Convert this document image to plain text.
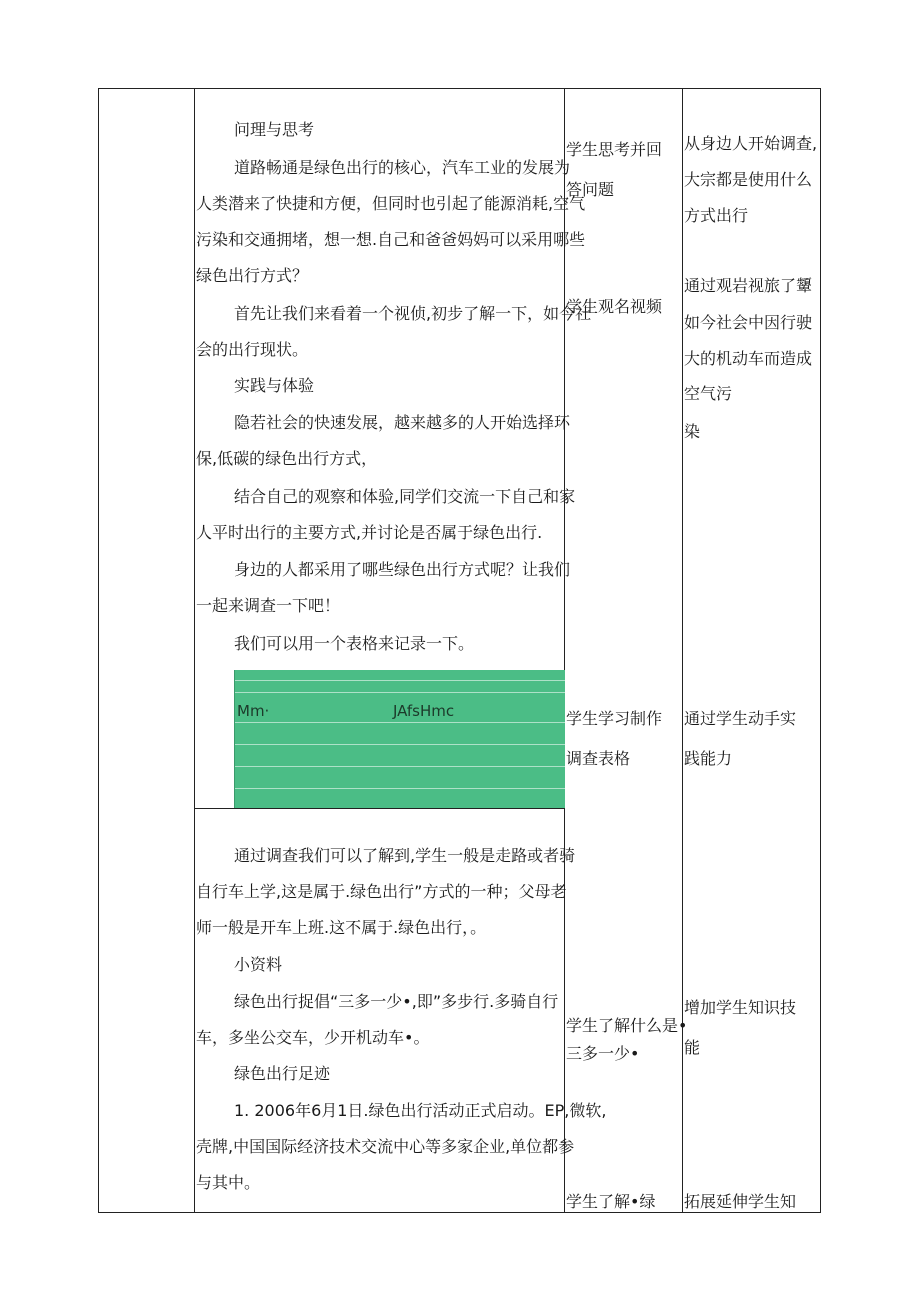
问理与思考
道路畅通是绿色出行的核心，汽车工业的发展为
人类潜来了快捷和方便，但同时也引起了能源消耗,空气
污染和交通拥堵，想一想.自己和爸爸妈妈可以采用哪些
绿色出行方式？
首先让我们来看着一个视侦,初步了解一下，如今社
会的出行现状。
实践与体验
隐若社会的快速发展，越来越多的人开始选择环
保,低碳的绿色出行方式，
结合自己的观察和体验,同学们交流一下自己和家
人平时出行的主要方式,并讨论是否属于绿色出行.
身边的人都采用了哪些绿色出行方式呢？让我们
一起来调查一下吧！
我们可以用一个表格来记录一下。
Mm·	JAfsHmc
通过调查我们可以了解到,学生一般是走路或者骑
自行车上学,这是属于.绿色出行”方式的一种；父母老
师一般是开车上班.这不属于.绿色出行，。
小资料
绿色出行捉倡“三多一少•,即”多步行.多骑自行
车，多坐公交车，少开机动车•。
绿色出行足迹
1. 2006年6月1日.绿色出行活动正式启动。EP,微软,
壳牌,中国国际经济技术交流中心等多家企业,单位都参
与其中。
学生思考并回
答问题
学生观名视频
学生学习制作
调查表格
学生了解什么是•
三多一少•
学生了解•绿
从身边人开始调查,
大宗都是使用什么
方式出行
通过观岩视旅了顰
如今社会中因行驶
大的机动车而造成
空气污
染
通过学生动手实
践能力
增加学生知识技
能
拓展延伸学生知
